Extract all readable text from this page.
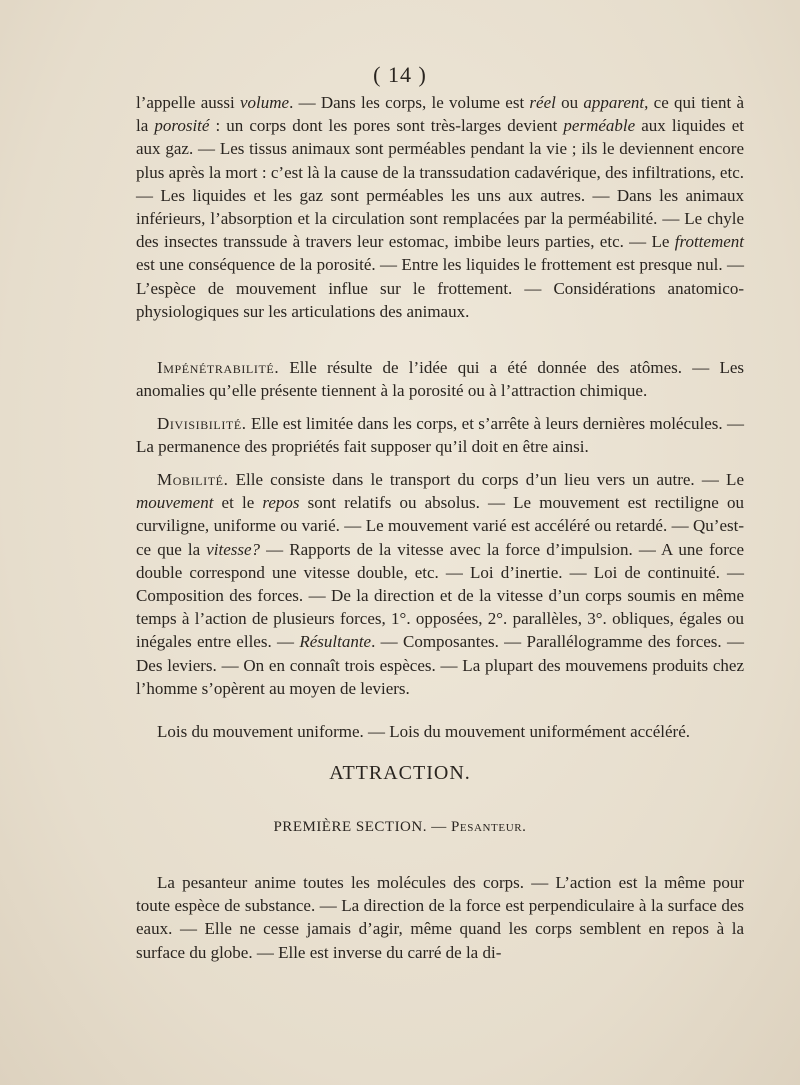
( 14 )

l’appelle aussi volume. — Dans les corps, le volume est réel ou apparent, ce qui tient à la porosité : un corps dont les pores sont très-larges devient perméable aux liquides et aux gaz. — Les tissus animaux sont perméables pendant la vie ; ils le deviennent encore plus après la mort : c’est là la cause de la transsudation cadavérique, des infiltrations, etc. — Les liquides et les gaz sont perméables les uns aux autres. — Dans les animaux inférieurs, l’absorption et la circulation sont remplacées par la perméabilité. — Le chyle des insectes transsude à travers leur estomac, imbibe leurs parties, etc. — Le frottement est une conséquence de la porosité. — Entre les liquides le frottement est presque nul. — L’espèce de mouvement influe sur le frottement. — Considérations anatomico-physiologiques sur les articulations des animaux.

Impénétrabilité. Elle résulte de l’idée qui a été donnée des atômes. — Les anomalies qu’elle présente tiennent à la porosité ou à l’attraction chimique.

Divisibilité. Elle est limitée dans les corps, et s’arrête à leurs dernières molécules. — La permanence des propriétés fait supposer qu’il doit en être ainsi.

Mobilité. Elle consiste dans le transport du corps d’un lieu vers un autre. — Le mouvement et le repos sont relatifs ou absolus. — Le mouvement est rectiligne ou curviligne, uniforme ou varié. — Le mouvement varié est accéléré ou retardé. — Qu’est-ce que la vitesse? — Rapports de la vitesse avec la force d’impulsion. — A une force double correspond une vitesse double, etc. — Loi d’inertie. — Loi de continuité. — Composition des forces. — De la direction et de la vitesse d’un corps soumis en même temps à l’action de plusieurs forces, 1°. opposées, 2°. parallèles, 3°. obliques, égales ou inégales entre elles. — Résultante. — Composantes. — Parallélogramme des forces. — Des leviers. — On en connaît trois espèces. — La plupart des mouvemens produits chez l’homme s’opèrent au moyen de leviers.

Lois du mouvement uniforme. — Lois du mouvement uniformément accéléré.

ATTRACTION.
PREMIÈRE SECTION. — Pesanteur.

La pesanteur anime toutes les molécules des corps. — L’action est la même pour toute espèce de substance. — La direction de la force est perpendiculaire à la surface des eaux. — Elle ne cesse jamais d’agir, même quand les corps semblent en repos à la surface du globe. — Elle est inverse du carré de la di-
